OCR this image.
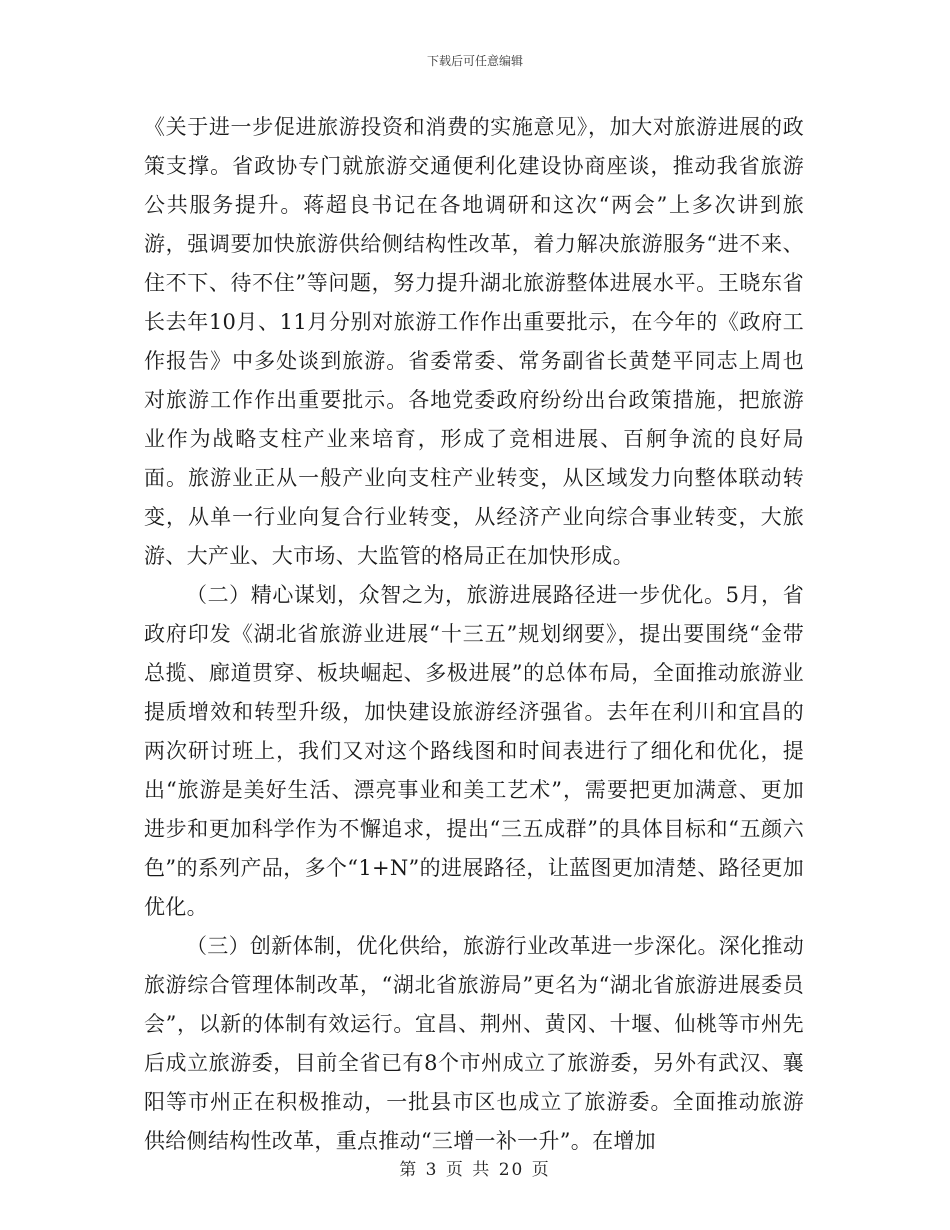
下载后可任意编辑

《关于进一步促进旅游投资和消费的实施意见》，加大对旅游进展的政策支撑。省政协专门就旅游交通便利化建设协商座谈，推动我省旅游公共服务提升。蒋超良书记在各地调研和这次“两会”上多次讲到旅游，强调要加快旅游供给侧结构性改革，着力解决旅游服务“进不来、住不下、待不住”等问题，努力提升湖北旅游整体进展水平。王晓东省长去年10月、11月分别对旅游工作作出重要批示，在今年的《政府工作报告》中多处谈到旅游。省委常委、常务副省长黄楚平同志上周也对旅游工作作出重要批示。各地党委政府纷纷出台政策措施，把旅游业作为战略支柱产业来培育，形成了竞相进展、百舸争流的良好局面。旅游业正从一般产业向支柱产业转变，从区域发力向整体联动转变，从单一行业向复合行业转变，从经济产业向综合事业转变，大旅游、大产业、大市场、大监管的格局正在加快形成。

（二）精心谋划，众智之为，旅游进展路径进一步优化。5月，省政府印发《湖北省旅游业进展“十三五”规划纲要》，提出要围绕“金带总揽、廊道贯穿、板块崛起、多极进展”的总体布局，全面推动旅游业提质增效和转型升级，加快建设旅游经济强省。去年在利川和宜昌的两次研讨班上，我们又对这个路线图和时间表进行了细化和优化，提出“旅游是美好生活、漂亮事业和美工艺术”，需要把更加满意、更加进步和更加科学作为不懈追求，提出“三五成群”的具体目标和“五颜六色”的系列产品，多个“1+N”的进展路径，让蓝图更加清楚、路径更加优化。

（三）创新体制，优化供给，旅游行业改革进一步深化。深化推动旅游综合管理体制改革，“湖北省旅游局”更名为“湖北省旅游进展委员会”，以新的体制有效运行。宜昌、荆州、黄冈、十堰、仙桃等市州先后成立旅游委，目前全省已有8个市州成立了旅游委，另外有武汉、襄阳等市州正在积极推动，一批县市区也成立了旅游委。全面推动旅游供给侧结构性改革，重点推动“三增一补一升”。在增加

第 3 页 共 20 页
